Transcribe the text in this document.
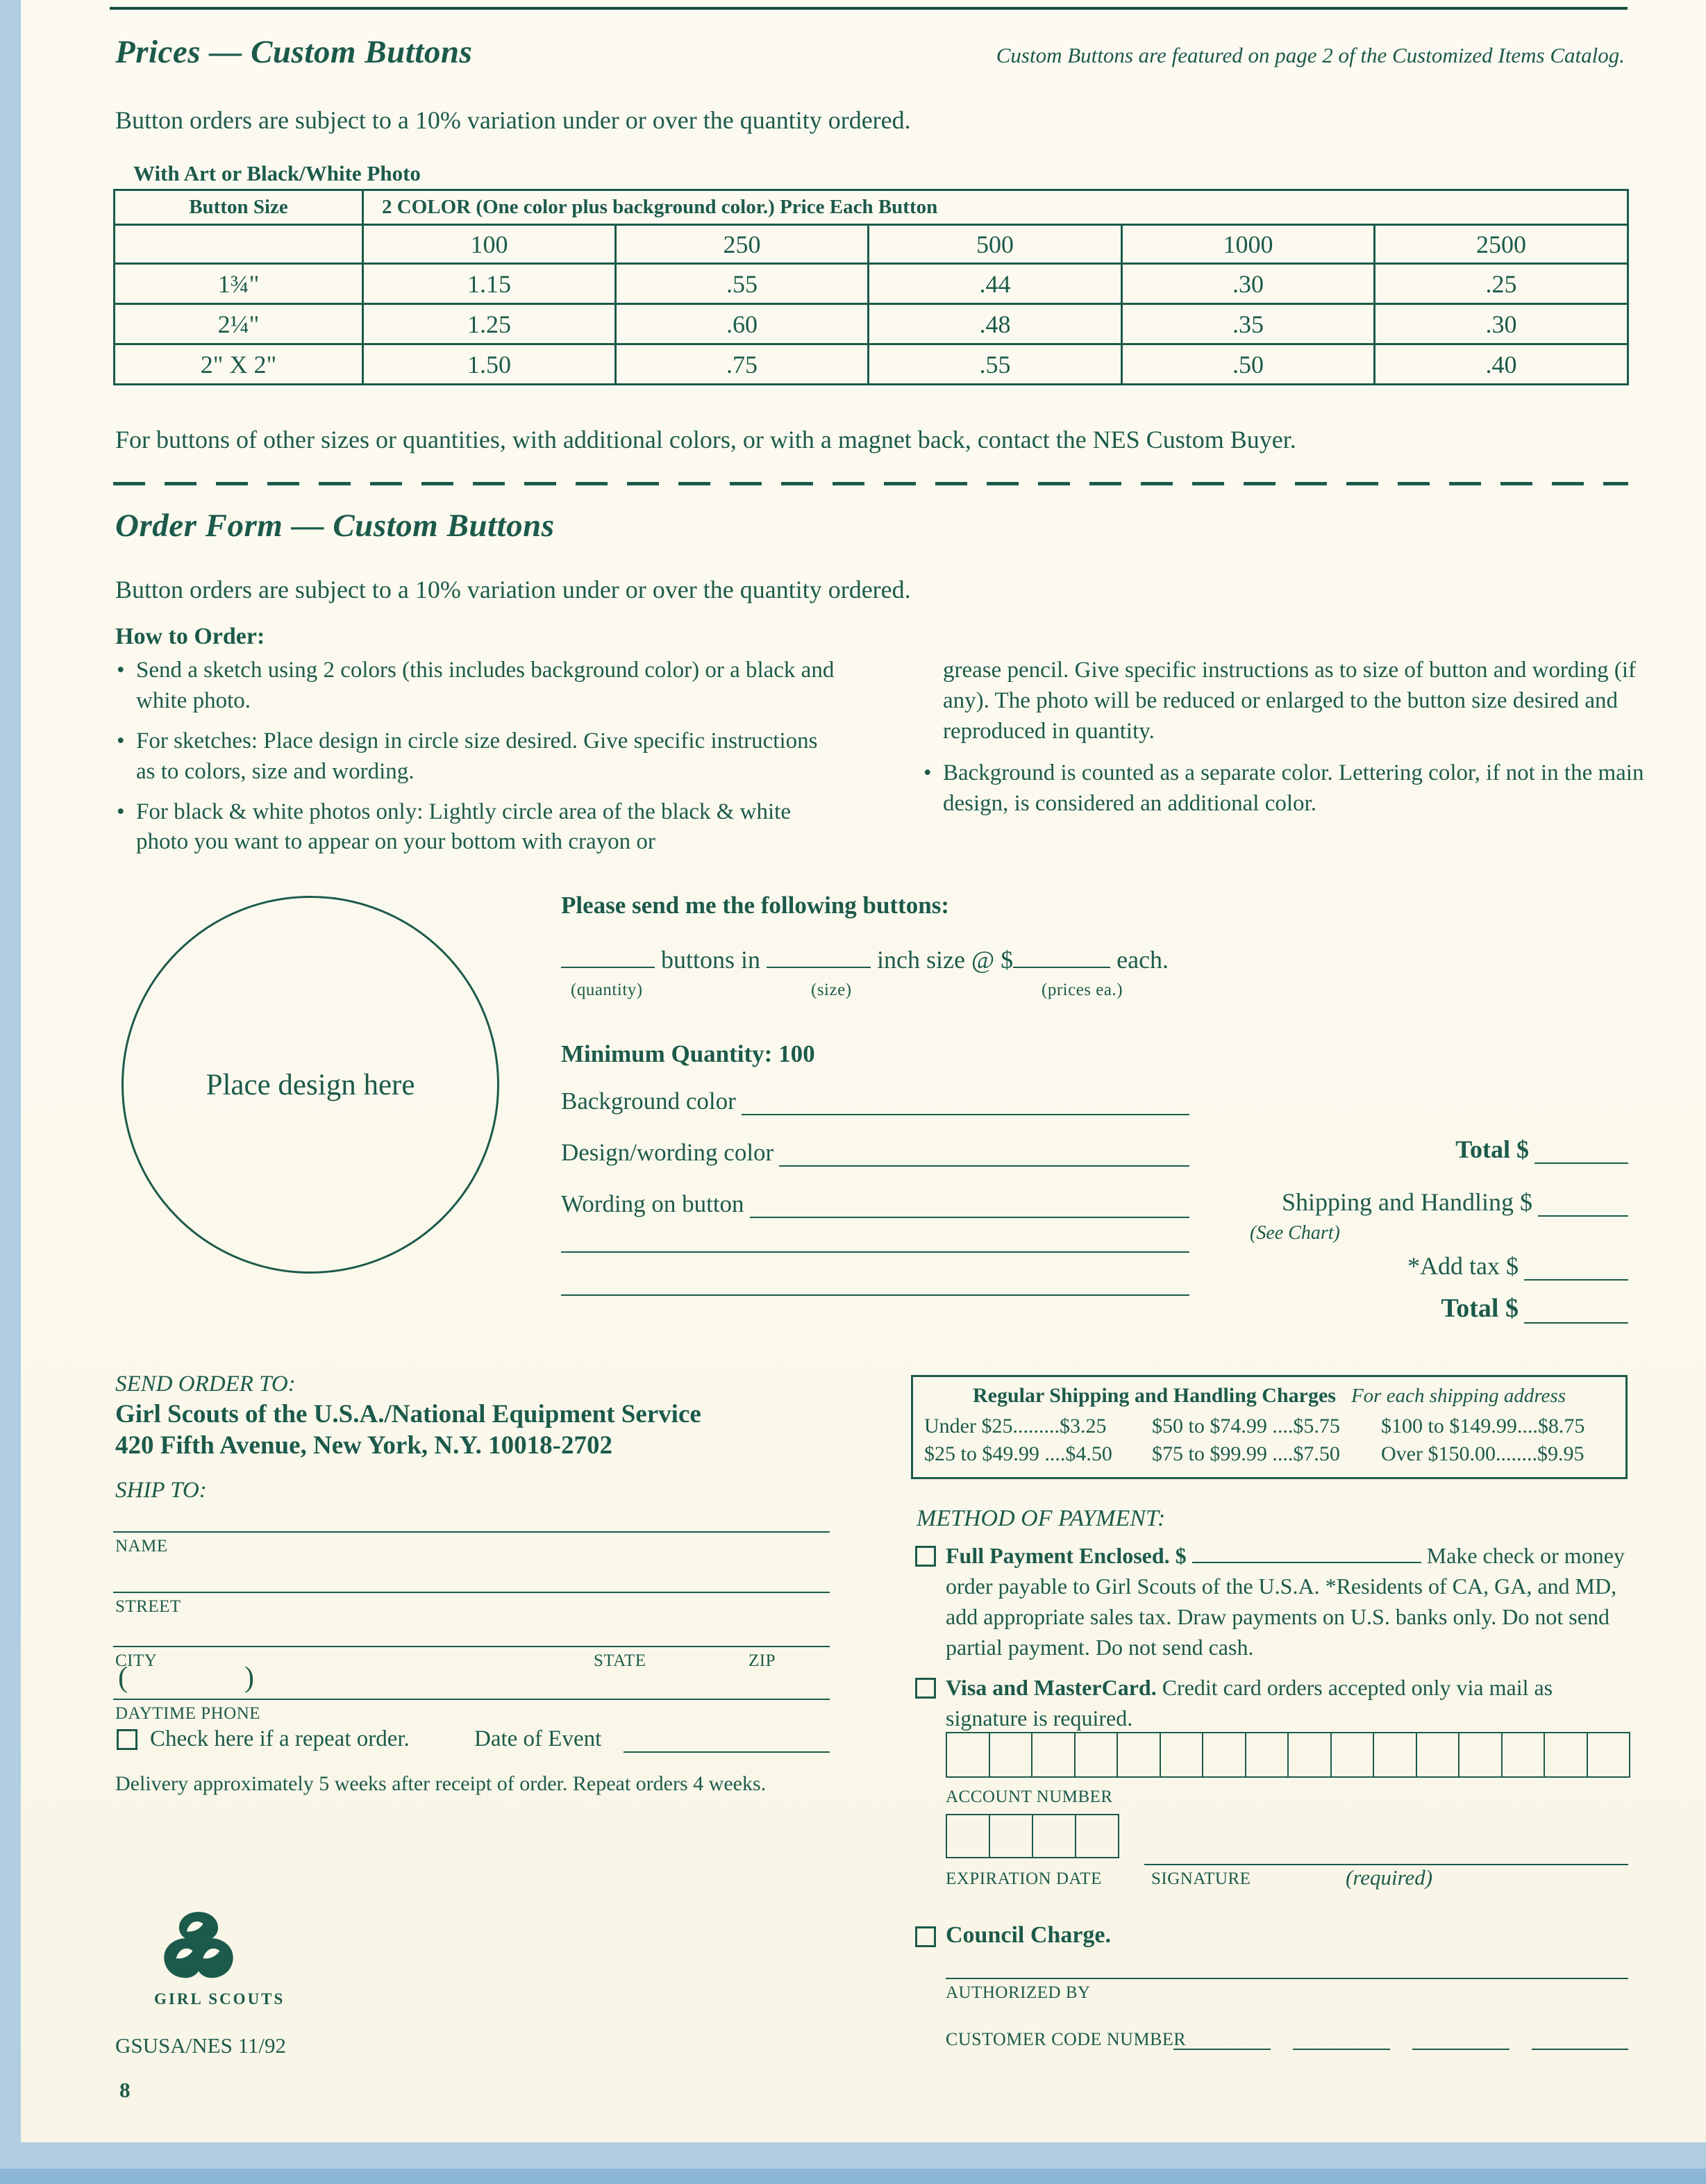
Prices — Custom Buttons	Custom Buttons are featured on page 2 of the Customized Items Catalog.
Button orders are subject to a 10% variation under or over the quantity ordered.
With Art or Black/White Photo
Button Size	2 COLOR (One color plus background color.) Price Each Button				
	100	250	500	1000	2500
1¾"	1.15	.55	.44	.30	.25
2¼"	1.25	.60	.48	.35	.30
2" X 2"	1.50	.75	.55	.50	.40
For buttons of other sizes or quantities, with additional colors, or with a magnet back, contact the NES Custom Buyer.
Order Form — Custom Buttons
Button orders are subject to a 10% variation under or over the quantity ordered.
How to Order:
• Send a sketch using 2 colors (this includes background color) or a black and white photo.
• For sketches: Place design in circle size desired. Give specific instructions as to colors, size and wording.
• For black & white photos only: Lightly circle area of the black & white photo you want to appear on your bottom with crayon or
grease pencil. Give specific instructions as to size of button and wording (if any). The photo will be reduced or enlarged to the button size desired and reproduced in quantity.
• Background is counted as a separate color. Lettering color, if not in the main design, is considered an additional color.
Place design here
Please send me the following buttons:
buttons in	inch size @ $	each.
(quantity)	(size)	(prices ea.)
Minimum Quantity: 100
Background color
Design/wording color
Wording on button
Total $
Shipping and Handling $
(See Chart)
*Add tax $
Total $
SEND ORDER TO:
Girl Scouts of the U.S.A./National Equipment Service
420 Fifth Avenue, New York, N.Y. 10018-2702
SHIP TO:
NAME
STREET
CITY	STATE	ZIP
(	)
DAYTIME PHONE
Check here if a repeat order.	Date of Event
Delivery approximately 5 weeks after receipt of order. Repeat orders 4 weeks.
Regular Shipping and Handling Charges For each shipping address
Under $25.........$3.25	$50 to $74.99 ....$5.75	$100 to $149.99....$8.75
$25 to $49.99 ....$4.50	$75 to $99.99 ....$7.50	Over $150.00........$9.95
METHOD OF PAYMENT:
Full Payment Enclosed. $	Make check or money order payable to Girl Scouts of the U.S.A. *Residents of CA, GA, and MD, add appropriate sales tax. Draw payments on U.S. banks only. Do not send partial payment. Do not send cash.
Visa and MasterCard. Credit card orders accepted only via mail as signature is required.
ACCOUNT NUMBER
EXPIRATION DATE	SIGNATURE	(required)
Council Charge.
AUTHORIZED BY
CUSTOMER CODE NUMBER
GIRL SCOUTS
GSUSA/NES 11/92
8
